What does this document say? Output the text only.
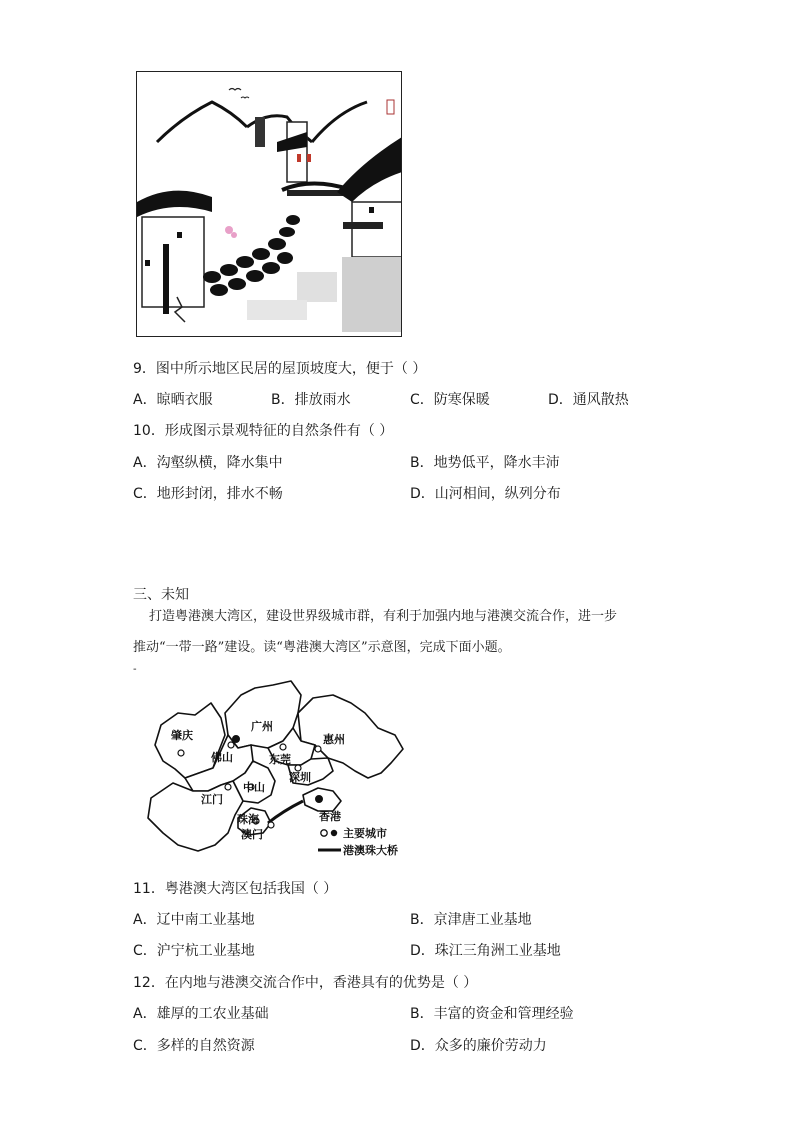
9．图中所示地区民居的屋顶坡度大，便于（ ）
A．晾晒衣服	B．排放雨水	C．防寒保暖	D．通风散热
10．形成图示景观特征的自然条件有（ ）
A．沟壑纵横，降水集中	B．地势低平，降水丰沛
C．地形封闭，排水不畅	D．山河相间，纵列分布
三、未知
打造粤港澳大湾区，建设世界级城市群，有利于加强内地与港澳交流合作，进一步
推动“一带一路”建设。读“粤港澳大湾区”示意图，完成下面小题。
-
肇庆
广州
东莞
惠州
佛山
深圳
中山
江门
香港
珠海
澳门	主要城市
港澳珠大桥
11．粤港澳大湾区包括我国（ ）
A．辽中南工业基地	B．京津唐工业基地
C．沪宁杭工业基地	D．珠江三角洲工业基地
12．在内地与港澳交流合作中，香港具有的优势是（ ）
A．雄厚的工农业基础	B．丰富的资金和管理经验
C．多样的自然资源	D．众多的廉价劳动力
